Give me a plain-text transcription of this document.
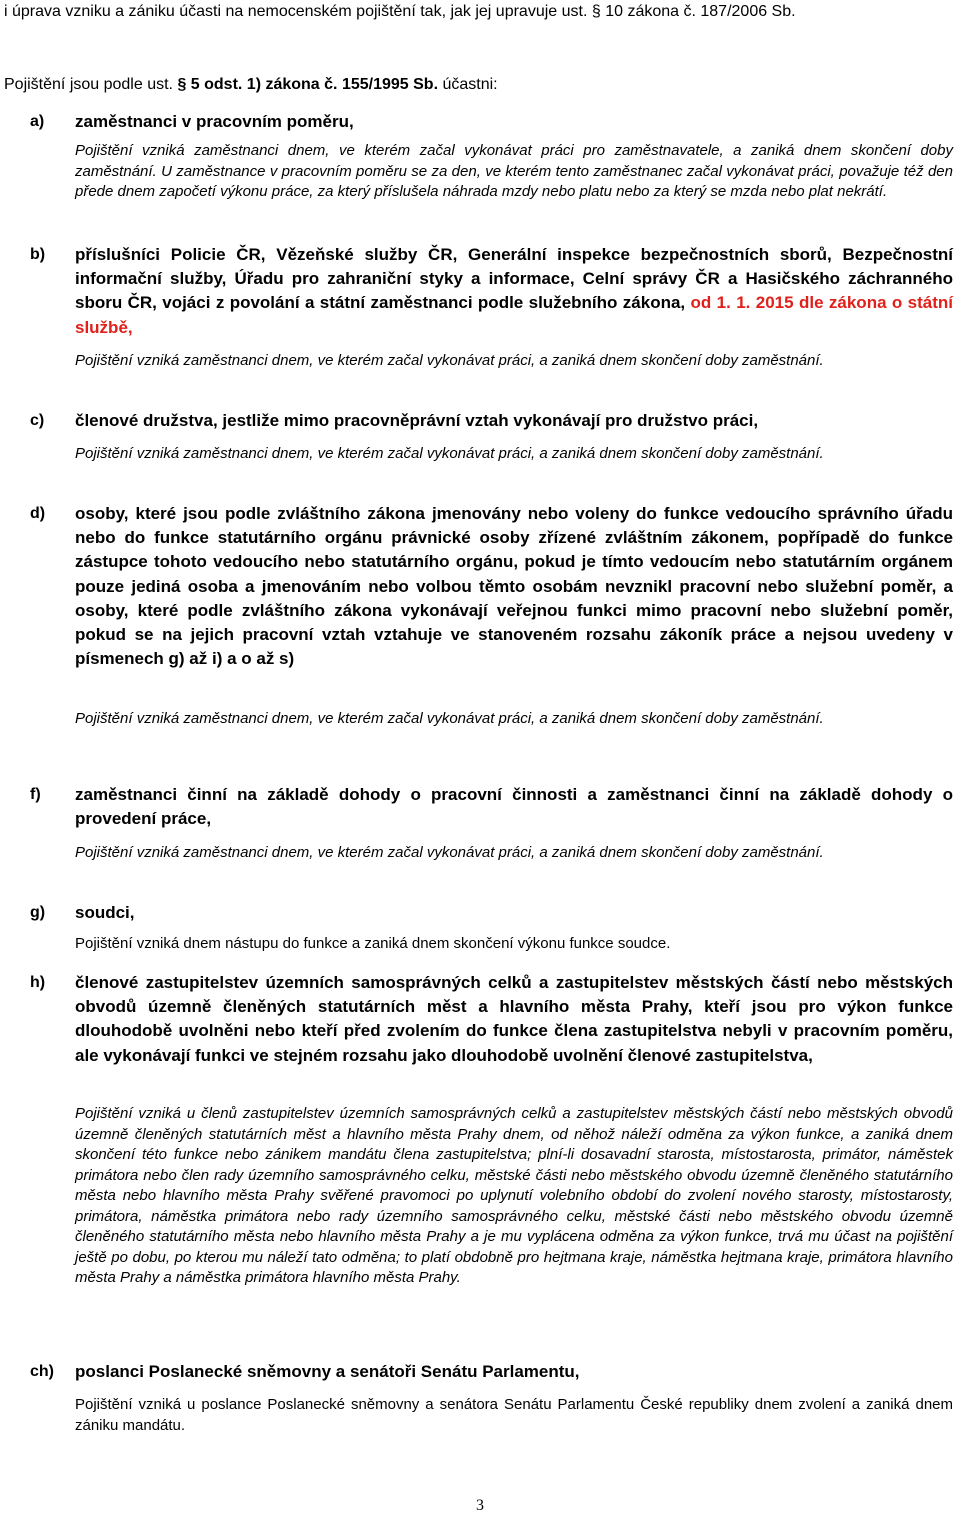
i úprava vzniku a zániku účasti na nemocenském pojištění tak, jak jej upravuje ust. § 10 zákona č. 187/2006 Sb.
Pojištění jsou podle ust. § 5 odst. 1) zákona č. 155/1995 Sb. účastni:
a) zaměstnanci v pracovním poměru,
Pojištění vzniká zaměstnanci dnem, ve kterém začal vykonávat práci pro zaměstnavatele, a zaniká dnem skončení doby zaměstnání. U zaměstnance v pracovním poměru se za den, ve kterém tento zaměstnanec začal vykonávat práci, považuje též den přede dnem započetí výkonu práce, za který příslušela náhrada mzdy nebo platu nebo za který se mzda nebo plat nekrátí.
b) příslušníci Policie ČR, Vězeňské služby ČR, Generální inspekce bezpečnostních sborů, Bezpečnostní informační služby, Úřadu pro zahraniční styky a informace, Celní správy ČR a Hasičského záchranného sboru ČR, vojáci z povolání a státní zaměstnanci podle služebního zákona, od 1. 1. 2015 dle zákona o státní službě,
Pojištění vzniká zaměstnanci dnem, ve kterém začal vykonávat práci, a zaniká dnem skončení doby zaměstnání.
c) členové družstva, jestliže mimo pracovněprávní vztah vykonávají pro družstvo práci,
Pojištění vzniká zaměstnanci dnem, ve kterém začal vykonávat práci, a zaniká dnem skončení doby zaměstnání.
d) osoby, které jsou podle zvláštního zákona jmenovány nebo voleny do funkce vedoucího správního úřadu nebo do funkce statutárního orgánu právnické osoby zřízené zvláštním zákonem, popřípadě do funkce zástupce tohoto vedoucího nebo statutárního orgánu, pokud je tímto vedoucím nebo statutárním orgánem pouze jediná osoba a jmenováním nebo volbou těmto osobám nevznikl pracovní nebo služební poměr, a osoby, které podle zvláštního zákona vykonávají veřejnou funkci mimo pracovní nebo služební poměr, pokud se na jejich pracovní vztah vztahuje ve stanoveném rozsahu zákoník práce a nejsou uvedeny v písmenech g) až i) a o až s)
Pojištění vzniká zaměstnanci dnem, ve kterém začal vykonávat práci, a zaniká dnem skončení doby zaměstnání.
f) zaměstnanci činní na základě dohody o pracovní činnosti a zaměstnanci činní na základě dohody o provedení práce,
Pojištění vzniká zaměstnanci dnem, ve kterém začal vykonávat práci, a zaniká dnem skončení doby zaměstnání.
g) soudci,
Pojištění vzniká dnem nástupu do funkce a zaniká dnem skončení výkonu funkce soudce.
h) členové zastupitelstev územních samosprávných celků a zastupitelstev městských částí nebo městských obvodů územně členěných statutárních měst a hlavního města Prahy, kteří jsou pro výkon funkce dlouhodobě uvolněni nebo kteří před zvolením do funkce člena zastupitelstva nebyli v pracovním poměru, ale vykonávají funkci ve stejném rozsahu jako dlouhodobě uvolnění členové zastupitelstva,
Pojištění vzniká u členů zastupitelstev územních samosprávných celků a zastupitelstev městských částí nebo městských obvodů územně členěných statutárních měst a hlavního města Prahy dnem, od něhož náleží odměna za výkon funkce, a zaniká dnem skončení této funkce nebo zánikem mandátu člena zastupitelstva; plní-li dosavadní starosta, místostarosta, primátor, náměstek primátora nebo člen rady územního samosprávného celku, městské části nebo městského obvodu územně členěného statutárního města nebo hlavního města Prahy svěřené pravomoci po uplynutí volebního období do zvolení nového starosty, místostarosty, primátora, náměstka primátora nebo rady územního samosprávného celku, městské části nebo městského obvodu územně členěného statutárního města nebo hlavního města Prahy a je mu vyplácena odměna za výkon funkce, trvá mu účast na pojištění ještě po dobu, po kterou mu náleží tato odměna; to platí obdobně pro hejtmana kraje, náměstka hejtmana kraje, primátora hlavního města Prahy a náměstka primátora hlavního města Prahy.
ch) poslanci Poslanecké sněmovny a senátoři Senátu Parlamentu,
Pojištění vzniká u poslance Poslanecké sněmovny a senátora Senátu Parlamentu České republiky dnem zvolení a zaniká dnem zániku mandátu.
3
